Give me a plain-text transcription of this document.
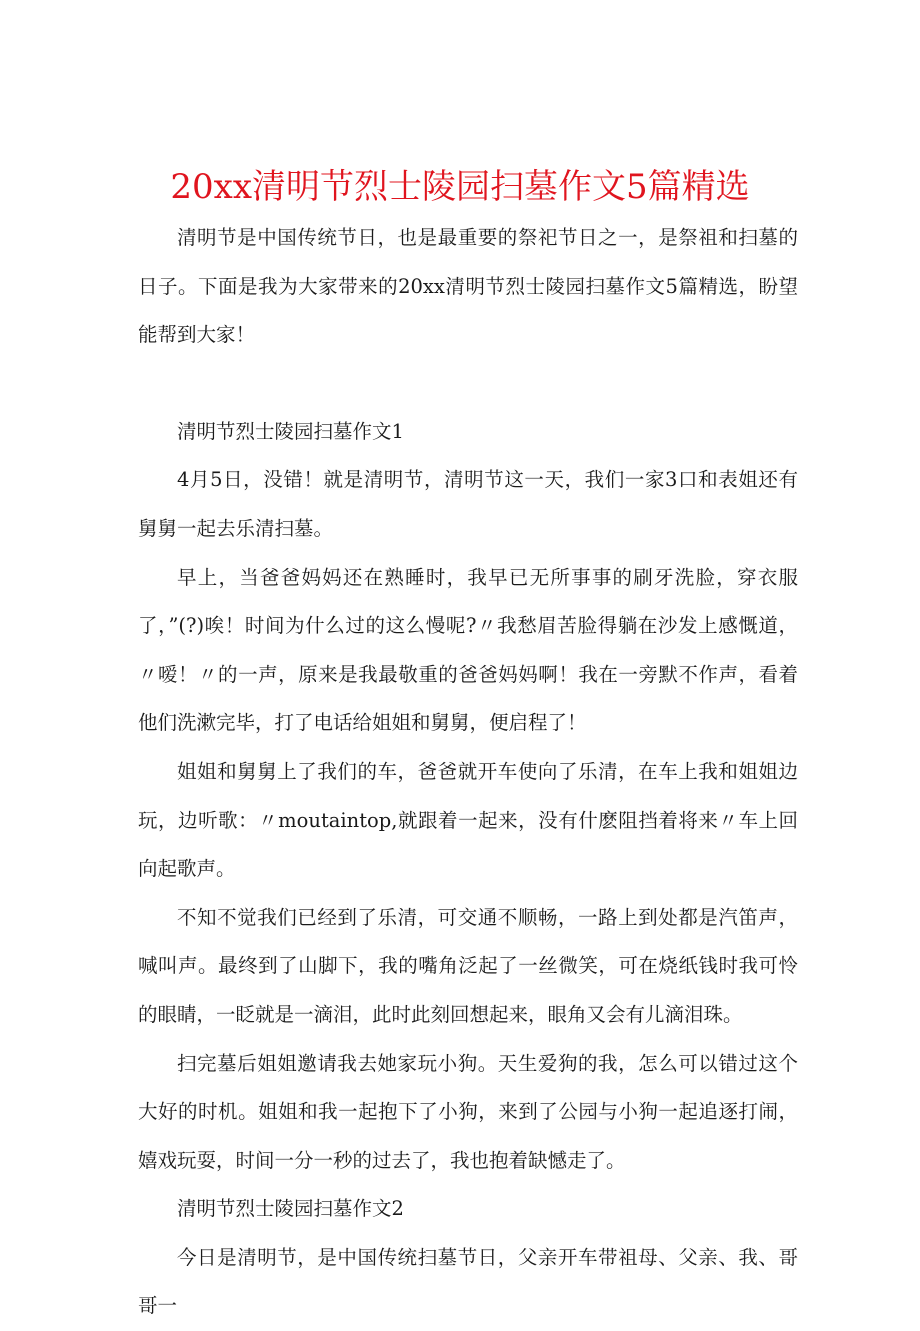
20xx清明节烈士陵园扫墓作文5篇精选

清明节是中国传统节日，也是最重要的祭祀节日之一，是祭祖和扫墓的日子。下面是我为大家带来的20xx清明节烈士陵园扫墓作文5篇精选，盼望能帮到大家！

清明节烈士陵园扫墓作文1

4月5日，没错！就是清明节，清明节这一天，我们一家3口和表姐还有舅舅一起去乐清扫墓。

早上，当爸爸妈妈还在熟睡时，我早已无所事事的刷牙洗脸，穿衣服了，”(?)唉！时间为什么过的这么慢呢?〃我愁眉苦脸得躺在沙发上感慨道，〃嗳！〃的一声，原来是我最敬重的爸爸妈妈啊！我在一旁默不作声，看着他们洗漱完毕，打了电话给姐姐和舅舅，便启程了！

姐姐和舅舅上了我们的车，爸爸就开车使向了乐清，在车上我和姐姐边玩，边听歌：〃moutaintop,就跟着一起来，没有什麽阻挡着将来〃车上回向起歌声。

不知不觉我们已经到了乐清，可交通不顺畅，一路上到处都是汽笛声，喊叫声。最终到了山脚下，我的嘴角泛起了一丝微笑，可在烧纸钱时我可怜的眼睛，一眨就是一滴泪，此时此刻回想起来，眼角又会有儿滴泪珠。

扫完墓后姐姐邀请我去她家玩小狗。天生爱狗的我，怎么可以错过这个大好的时机。姐姐和我一起抱下了小狗，来到了公园与小狗一起追逐打闹，嬉戏玩耍，时间一分一秒的过去了，我也抱着缺憾走了。

清明节烈士陵园扫墓作文2

今日是清明节，是中国传统扫墓节日，父亲开车带祖母、父亲、我、哥哥一
